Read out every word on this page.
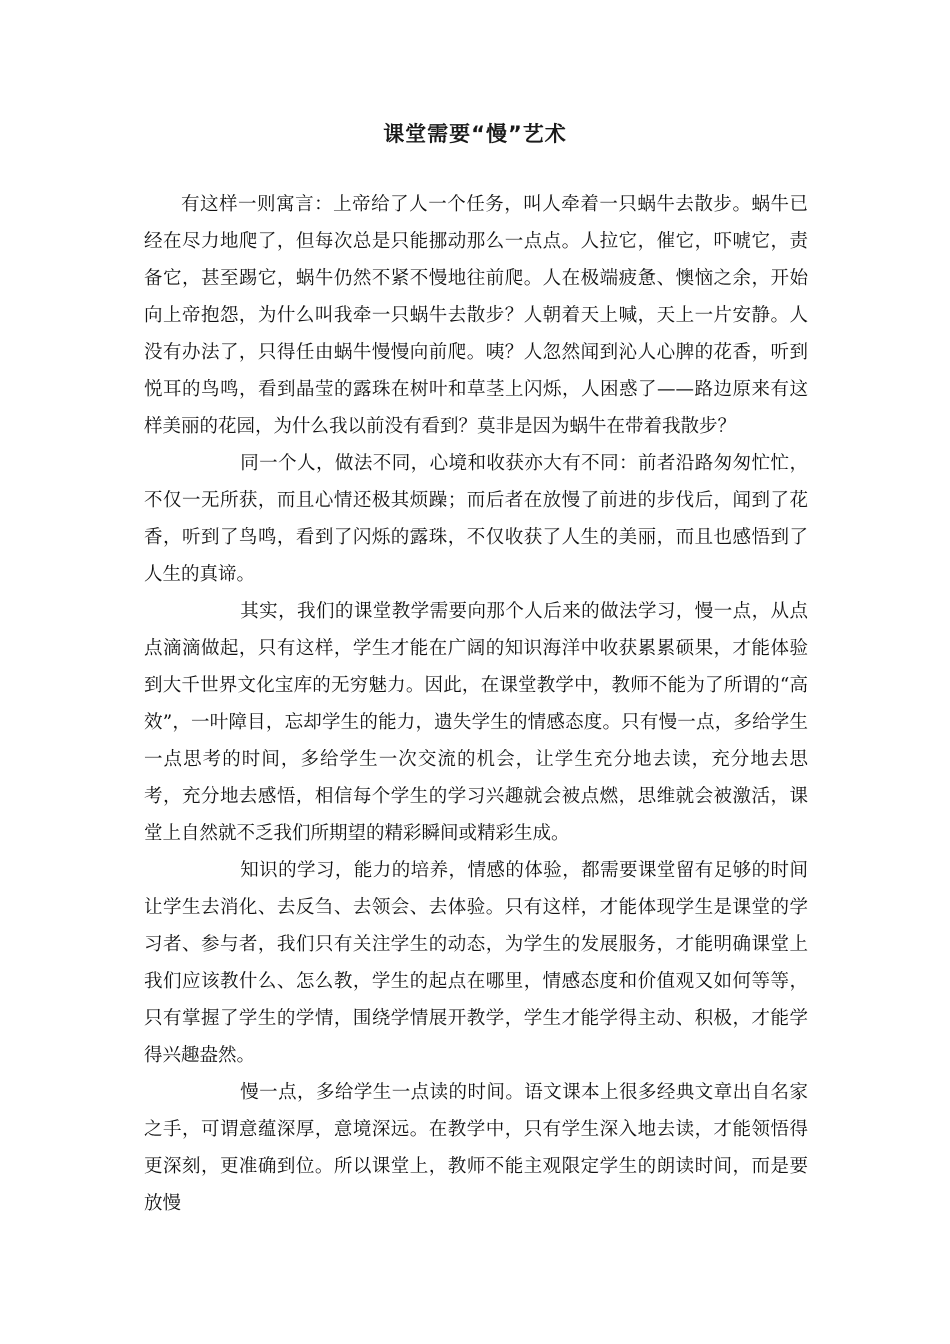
课堂需要“慢”艺术

有这样一则寓言：上帝给了人一个任务，叫人牵着一只蜗牛去散步。蜗牛已经在尽力地爬了，但每次总是只能挪动那么一点点。人拉它，催它，吓唬它，责备它，甚至踢它，蜗牛仍然不紧不慢地往前爬。人在极端疲惫、懊恼之余，开始向上帝抱怨，为什么叫我牵一只蜗牛去散步？人朝着天上喊，天上一片安静。人没有办法了，只得任由蜗牛慢慢向前爬。咦？人忽然闻到沁人心脾的花香，听到悦耳的鸟鸣，看到晶莹的露珠在树叶和草茎上闪烁，人困惑了——路边原来有这样美丽的花园，为什么我以前没有看到？莫非是因为蜗牛在带着我散步？

同一个人，做法不同，心境和收获亦大有不同：前者沿路匆匆忙忙，不仅一无所获，而且心情还极其烦躁；而后者在放慢了前进的步伐后，闻到了花香，听到了鸟鸣，看到了闪烁的露珠，不仅收获了人生的美丽，而且也感悟到了人生的真谛。

其实，我们的课堂教学需要向那个人后来的做法学习，慢一点，从点点滴滴做起，只有这样，学生才能在广阔的知识海洋中收获累累硕果，才能体验到大千世界文化宝库的无穷魅力。因此，在课堂教学中，教师不能为了所谓的“高效”，一叶障目，忘却学生的能力，遗失学生的情感态度。只有慢一点，多给学生一点思考的时间，多给学生一次交流的机会，让学生充分地去读，充分地去思考，充分地去感悟，相信每个学生的学习兴趣就会被点燃，思维就会被激活，课堂上自然就不乏我们所期望的精彩瞬间或精彩生成。

知识的学习，能力的培养，情感的体验，都需要课堂留有足够的时间让学生去消化、去反刍、去领会、去体验。只有这样，才能体现学生是课堂的学习者、参与者，我们只有关注学生的动态，为学生的发展服务，才能明确课堂上我们应该教什么、怎么教，学生的起点在哪里，情感态度和价值观又如何等等，只有掌握了学生的学情，围绕学情展开教学，学生才能学得主动、积极，才能学得兴趣盎然。

慢一点，多给学生一点读的时间。语文课本上很多经典文章出自名家之手，可谓意蕴深厚，意境深远。在教学中，只有学生深入地去读，才能领悟得更深刻，更准确到位。所以课堂上，教师不能主观限定学生的朗读时间，而是要放慢
